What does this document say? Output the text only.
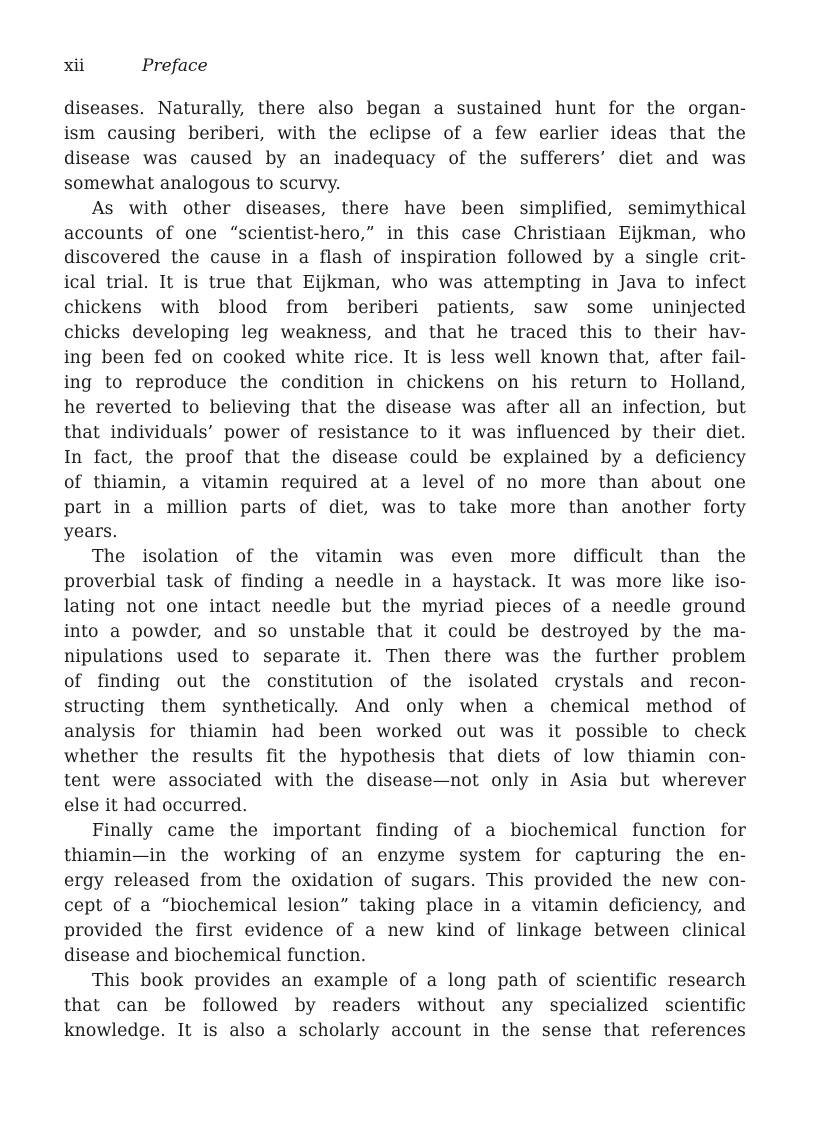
xii	Preface

diseases. Naturally, there also began a sustained hunt for the organ-
ism causing beriberi, with the eclipse of a few earlier ideas that the
disease was caused by an inadequacy of the sufferers’ diet and was
somewhat analogous to scurvy.

As with other diseases, there have been simplified, semimythical
accounts of one “scientist-hero,” in this case Christiaan Eijkman, who
discovered the cause in a flash of inspiration followed by a single crit-
ical trial. It is true that Eijkman, who was attempting in Java to infect
chickens with blood from beriberi patients, saw some uninjected
chicks developing leg weakness, and that he traced this to their hav-
ing been fed on cooked white rice. It is less well known that, after fail-
ing to reproduce the condition in chickens on his return to Holland,
he reverted to believing that the disease was after all an infection, but
that individuals’ power of resistance to it was influenced by their diet.
In fact, the proof that the disease could be explained by a deficiency
of thiamin, a vitamin required at a level of no more than about one
part in a million parts of diet, was to take more than another forty
years.

The isolation of the vitamin was even more difficult than the
proverbial task of finding a needle in a haystack. It was more like iso-
lating not one intact needle but the myriad pieces of a needle ground
into a powder, and so unstable that it could be destroyed by the ma-
nipulations used to separate it. Then there was the further problem
of finding out the constitution of the isolated crystals and recon-
structing them synthetically. And only when a chemical method of
analysis for thiamin had been worked out was it possible to check
whether the results fit the hypothesis that diets of low thiamin con-
tent were associated with the disease—not only in Asia but wherever
else it had occurred.

Finally came the important finding of a biochemical function for
thiamin—in the working of an enzyme system for capturing the en-
ergy released from the oxidation of sugars. This provided the new con-
cept of a “biochemical lesion” taking place in a vitamin deficiency, and
provided the first evidence of a new kind of linkage between clinical
disease and biochemical function.

This book provides an example of a long path of scientific research
that can be followed by readers without any specialized scientific
knowledge. It is also a scholarly account in the sense that references
